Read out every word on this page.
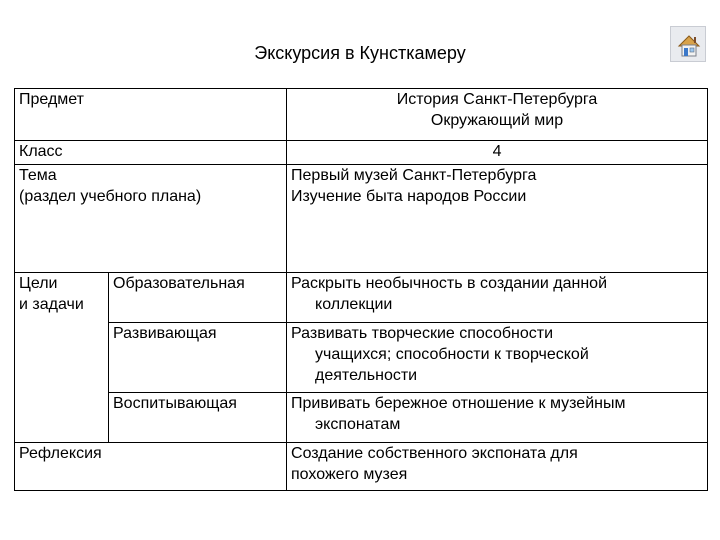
Экскурсия в Кунсткамеру
Предмет		История Санкт-Петербурга
Окружающий мир

Класс		4

Тема
(раздел учебного плана)		Первый музей Санкт-Петербурга
Изучение быта народов России

Цели
и задачи	Образовательная	Раскрыть необычность в создании данной
коллекции

	Развивающая	Развивать творческие способности
учащихся; способности к творческой
деятельности

	Воспитывающая	Прививать бережное отношение к музейным
экспонатам

Рефлексия		Создание собственного экспоната для
похожего музея
